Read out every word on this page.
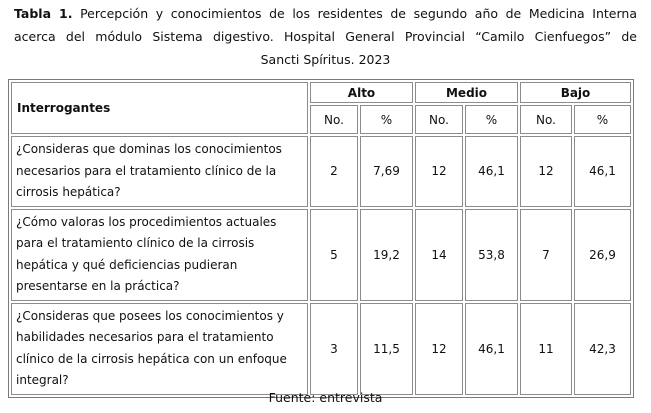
Tabla 1. Percepción y conocimientos de los residentes de segundo año de Medicina Interna
acerca del módulo Sistema digestivo. Hospital General Provincial “Camilo Cienfuegos” de
Sancti Spíritus. 2023
Interrogantes	Alto		Medio		Bajo	
	No.	%	No.	%	No.	%
¿Consideras que dominas los conocimientos necesarios para el tratamiento clínico de la cirrosis hepática?	2	7,69	12	46,1	12	46,1
¿Cómo valoras los procedimientos actuales para el tratamiento clínico de la cirrosis hepática y qué deficiencias pudieran presentarse en la práctica?	5	19,2	14	53,8	7	26,9
¿Consideras que posees los conocimientos y habilidades necesarios para el tratamiento clínico de la cirrosis hepática con un enfoque integral?	3	11,5	12	46,1	11	42,3
Fuente: entrevista
